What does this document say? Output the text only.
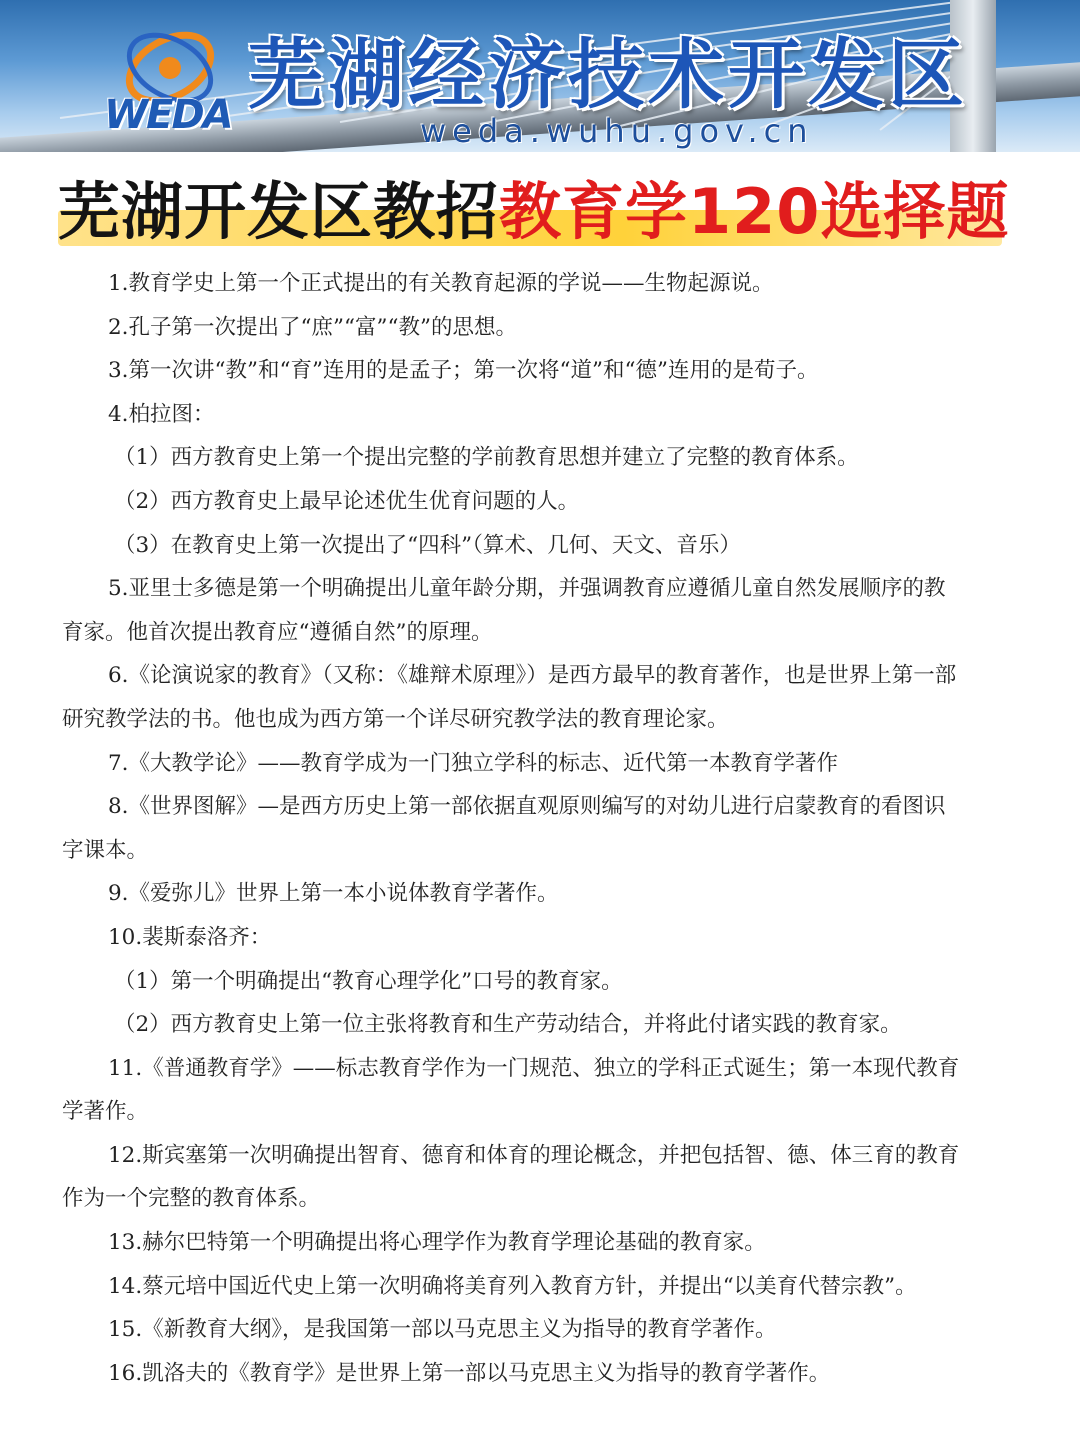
WEDA 芜湖经济技术开发区
weda.wuhu.gov.cn
芜湖开发区教招教育学120选择题
1.教育学史上第一个正式提出的有关教育起源的学说——生物起源说。
2.孔子第一次提出了“庶”“富”“教”的思想。
3.第一次讲“教”和“育”连用的是孟子；第一次将“道”和“德”连用的是荀子。
4.柏拉图：
（1）西方教育史上第一个提出完整的学前教育思想并建立了完整的教育体系。
（2）西方教育史上最早论述优生优育问题的人。
（3）在教育史上第一次提出了“四科”（算术、几何、天文、音乐）
5.亚里士多德是第一个明确提出儿童年龄分期，并强调教育应遵循儿童自然发展顺序的教
育家。他首次提出教育应“遵循自然”的原理。
6.《论演说家的教育》（又称：《雄辩术原理》）是西方最早的教育著作，也是世界上第一部
研究教学法的书。他也成为西方第一个详尽研究教学法的教育理论家。
7.《大教学论》——教育学成为一门独立学科的标志、近代第一本教育学著作
8.《世界图解》—是西方历史上第一部依据直观原则编写的对幼儿进行启蒙教育的看图识
字课本。
9.《爱弥儿》世界上第一本小说体教育学著作。
10.裴斯泰洛齐：
（1）第一个明确提出“教育心理学化”口号的教育家。
（2）西方教育史上第一位主张将教育和生产劳动结合，并将此付诸实践的教育家。
11.《普通教育学》——标志教育学作为一门规范、独立的学科正式诞生；第一本现代教育
学著作。
12.斯宾塞第一次明确提出智育、德育和体育的理论概念，并把包括智、德、体三育的教育
作为一个完整的教育体系。
13.赫尔巴特第一个明确提出将心理学作为教育学理论基础的教育家。
14.蔡元培中国近代史上第一次明确将美育列入教育方针，并提出“以美育代替宗教”。
15.《新教育大纲》，是我国第一部以马克思主义为指导的教育学著作。
16.凯洛夫的《教育学》是世界上第一部以马克思主义为指导的教育学著作。
